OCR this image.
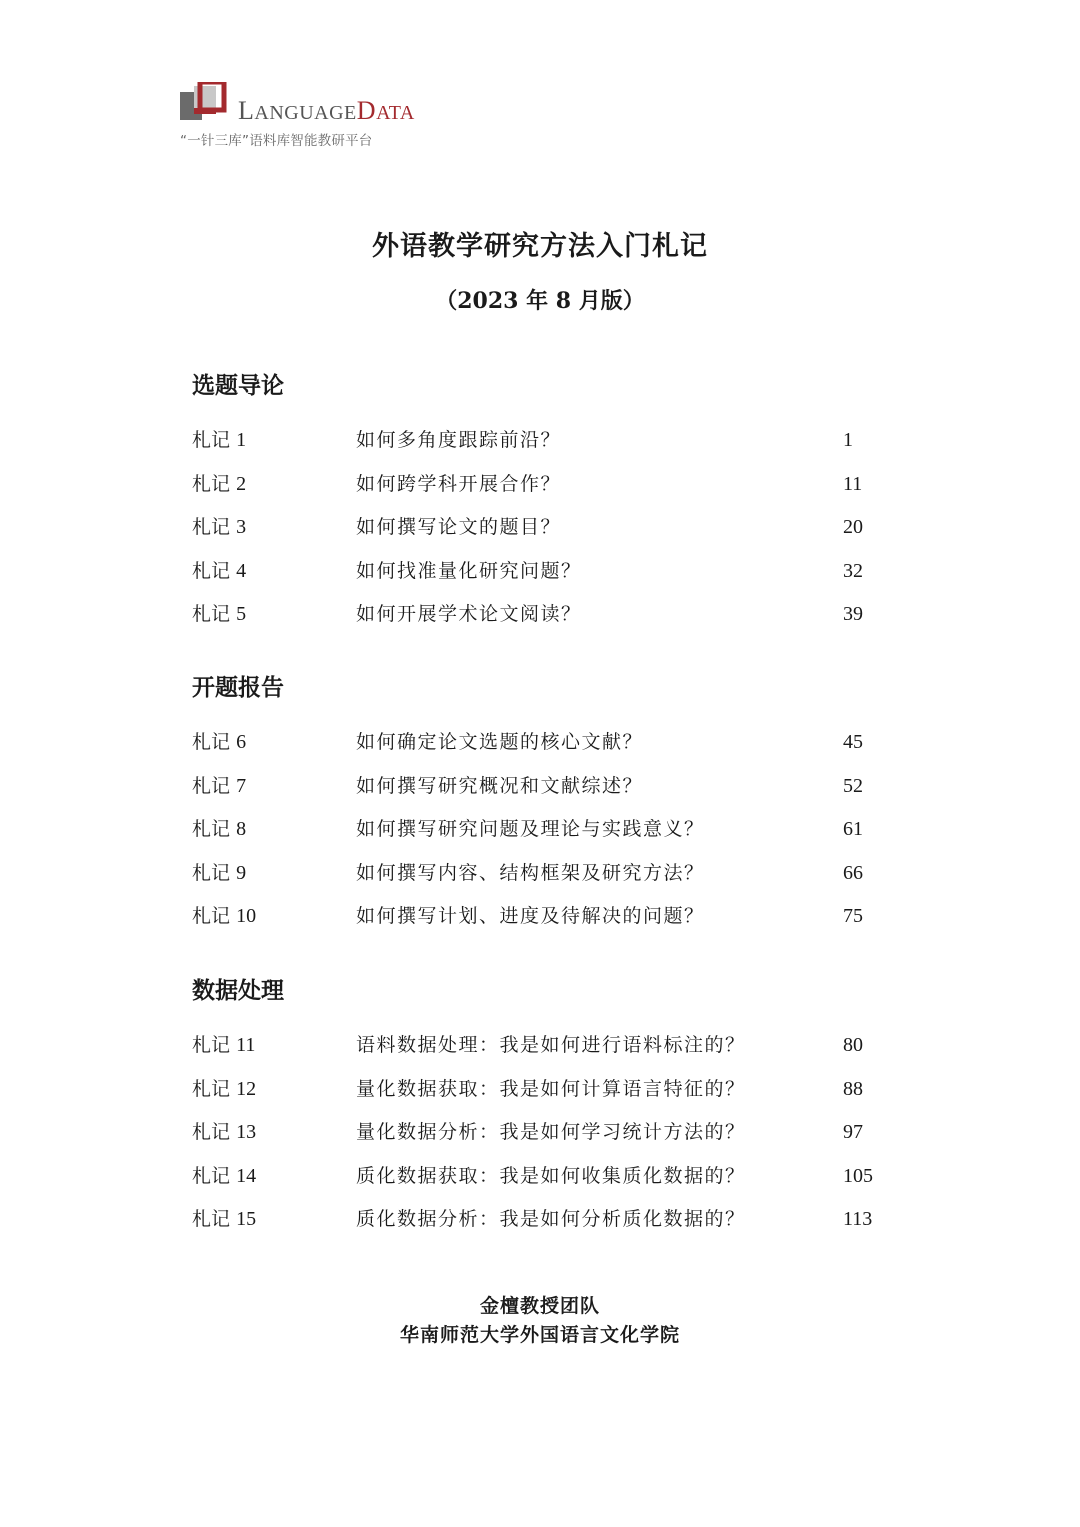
LANGUAGEDATA
“一针三库”语料库智能教研平台
外语教学研究方法入门札记
（2023 年 8 月版）
选题导论
札记 1	如何多角度跟踪前沿？	1
札记 2	如何跨学科开展合作？	11
札记 3	如何撰写论文的题目？	20
札记 4	如何找准量化研究问题？	32
札记 5	如何开展学术论文阅读？	39
开题报告
札记 6	如何确定论文选题的核心文献？	45
札记 7	如何撰写研究概况和文献综述？	52
札记 8	如何撰写研究问题及理论与实践意义？	61
札记 9	如何撰写内容、结构框架及研究方法？	66
札记 10	如何撰写计划、进度及待解决的问题？	75
数据处理
札记 11	语料数据处理：我是如何进行语料标注的？	80
札记 12	量化数据获取：我是如何计算语言特征的？	88
札记 13	量化数据分析：我是如何学习统计方法的？	97
札记 14	质化数据获取：我是如何收集质化数据的？	105
札记 15	质化数据分析：我是如何分析质化数据的？	113
金檀教授团队
华南师范大学外国语言文化学院
